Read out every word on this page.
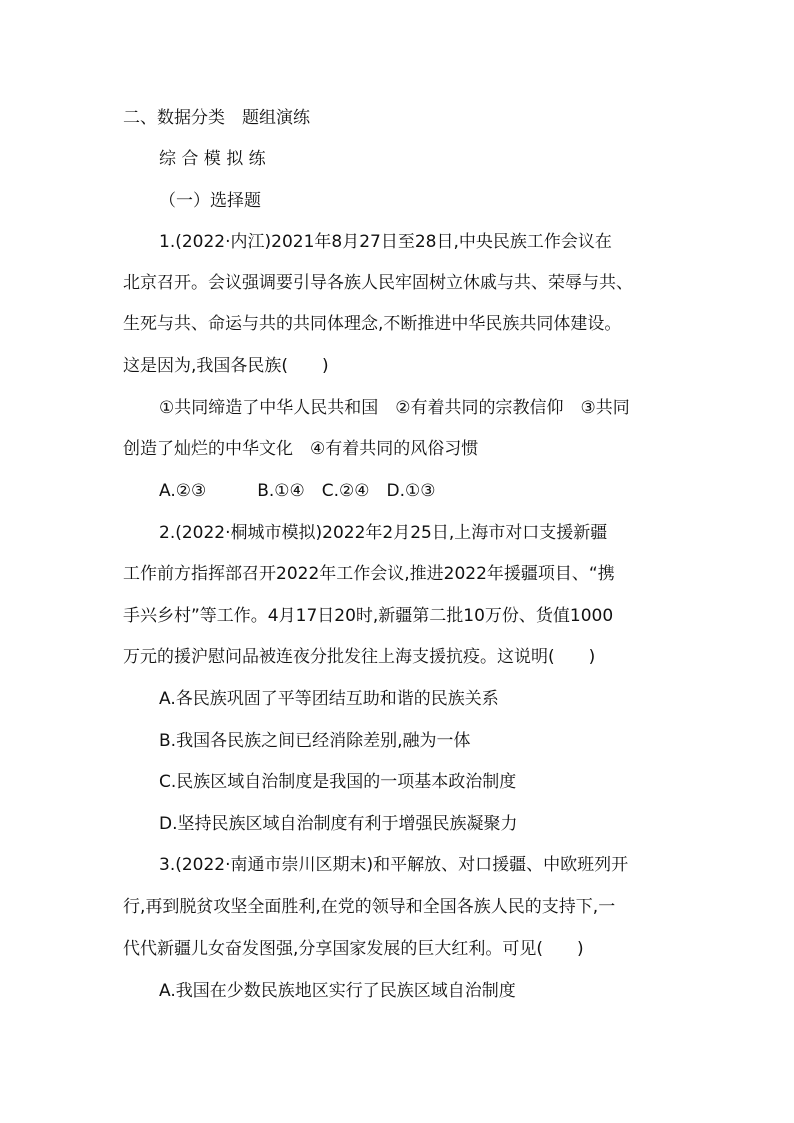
二、数据分类　题组演练
综 合 模 拟 练
（一）选择题
1.(2022·内江)2021年8月27日至28日,中央民族工作会议在
北京召开。会议强调要引导各族人民牢固树立休戚与共、荣辱与共、
生死与共、命运与共的共同体理念,不断推进中华民族共同体建设。
这是因为,我国各民族(　　)
①共同缔造了中华人民共和国　②有着共同的宗教信仰　③共同
创造了灿烂的中华文化　④有着共同的风俗习惯
A.②③　　　B.①④　C.②④　D.①③
2.(2022·桐城市模拟)2022年2月25日,上海市对口支援新疆
工作前方指挥部召开2022年工作会议,推进2022年援疆项目、“携
手兴乡村”等工作。4月17日20时,新疆第二批10万份、货值1000
万元的援沪慰问品被连夜分批发往上海支援抗疫。这说明(　　)
A.各民族巩固了平等团结互助和谐的民族关系
B.我国各民族之间已经消除差别,融为一体
C.民族区域自治制度是我国的一项基本政治制度
D.坚持民族区域自治制度有利于增强民族凝聚力
3.(2022·南通市崇川区期末)和平解放、对口援疆、中欧班列开
行,再到脱贫攻坚全面胜利,在党的领导和全国各族人民的支持下,一
代代新疆儿女奋发图强,分享国家发展的巨大红利。可见(　　)
A.我国在少数民族地区实行了民族区域自治制度
